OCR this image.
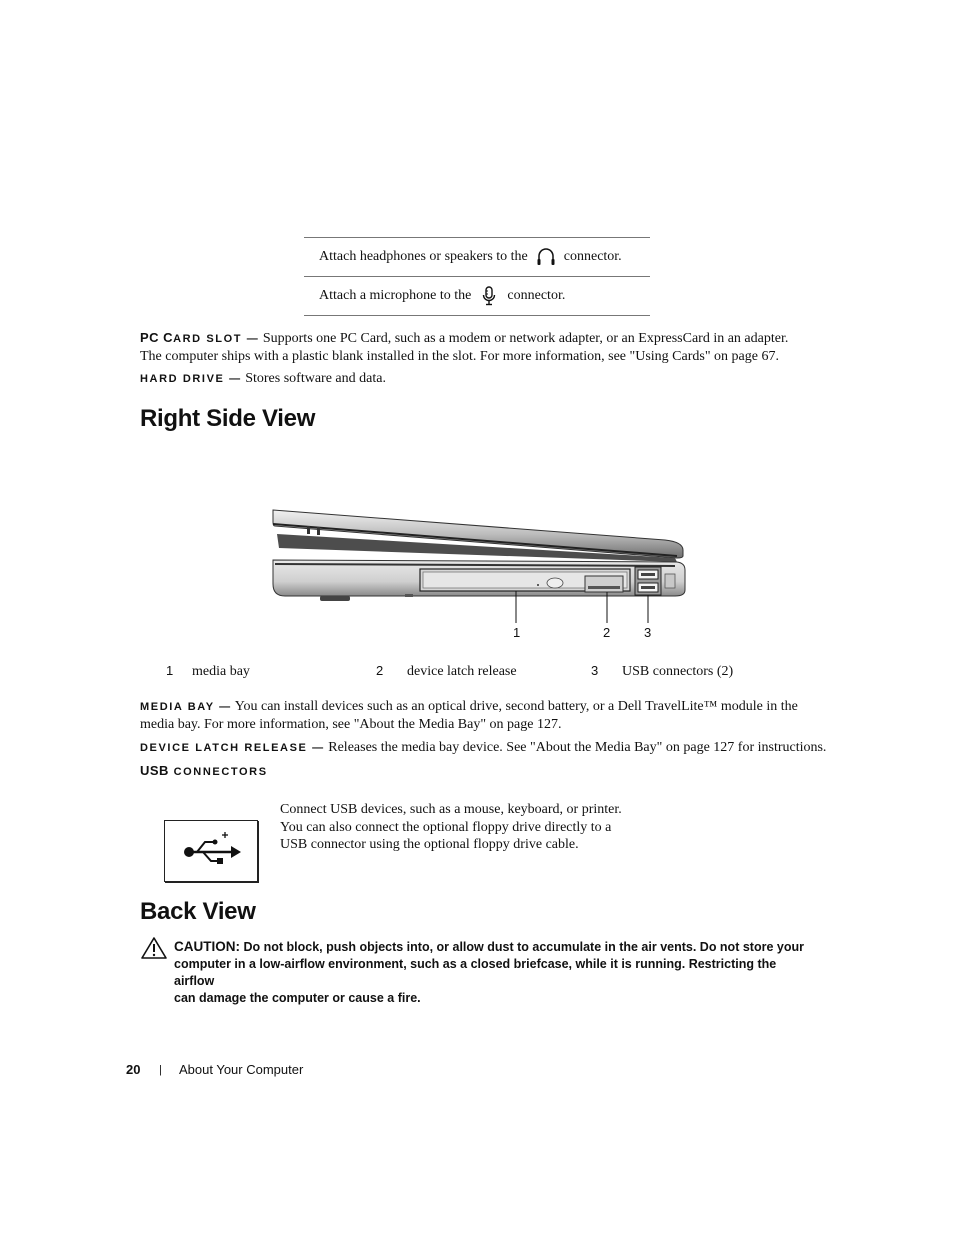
Attach headphones or speakers to the	connector.
Attach a microphone to the	connector.
PC CARD SLOT — Supports one PC Card, such as a modem or network adapter, or an ExpressCard in an adapter.
The computer ships with a plastic blank installed in the slot. For more information, see "Using Cards" on page 67.
HARD DRIVE — Stores software and data.
Right Side View
1	2	3
1 media bay	2 device latch release	3 USB connectors (2)
MEDIA BAY — You can install devices such as an optical drive, second battery, or a Dell TravelLite™ module in the
media bay. For more information, see "About the Media Bay" on page 127.
DEVICE LATCH RELEASE — Releases the media bay device. See "About the Media Bay" on page 127 for instructions.
USB CONNECTORS
Connect USB devices, such as a mouse, keyboard, or printer.
You can also connect the optional floppy drive directly to a
USB connector using the optional floppy drive cable.
Back View
CAUTION: Do not block, push objects into, or allow dust to accumulate in the air vents. Do not store your
computer in a low-airflow environment, such as a closed briefcase, while it is running. Restricting the airflow
can damage the computer or cause a fire.
20 | About Your Computer
